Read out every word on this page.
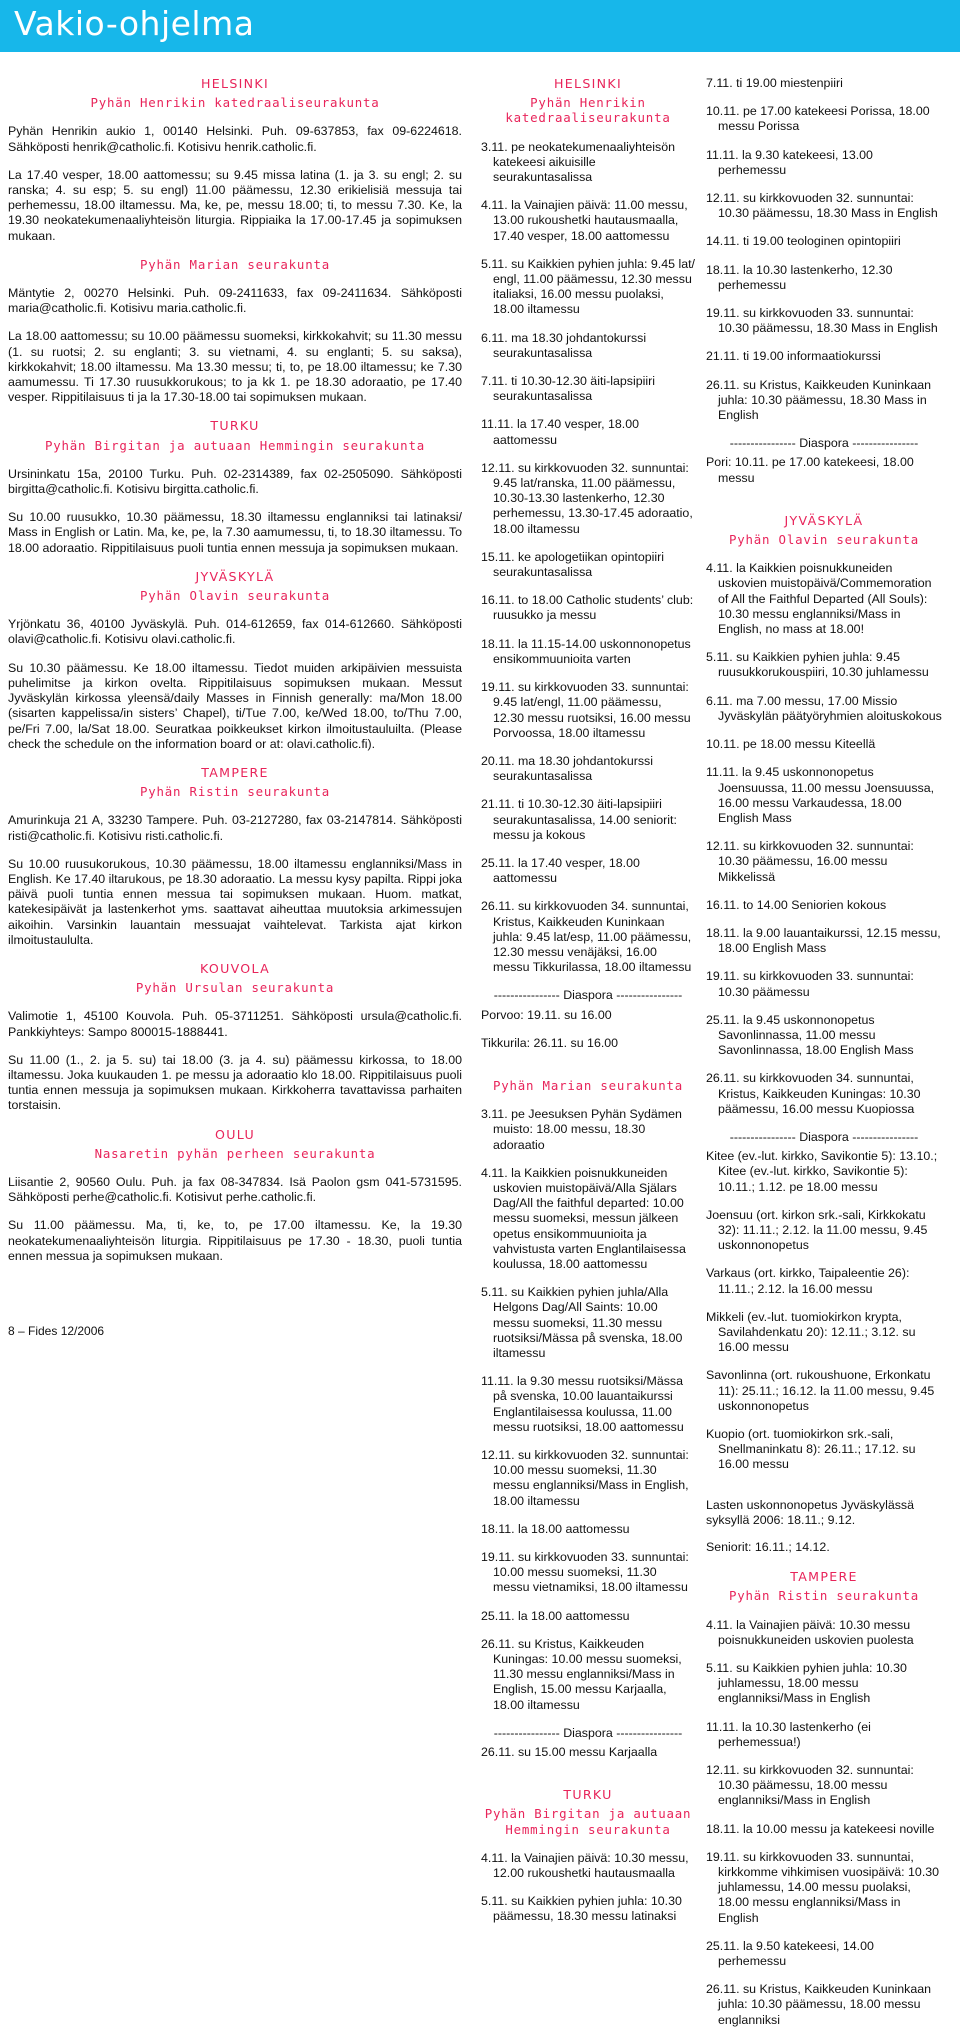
Vakio-ohjelma
HELSINKI
Pyhän Henrikin katedraaliseurakunta

Pyhän Henrikin aukio 1, 00140 Helsinki. Puh. 09-637853, fax 09-6224618. Sähköposti henrik@catholic.fi. Kotisivu henrik.catholic.fi.

La 17.40 vesper, 18.00 aattomessu; su 9.45 missa latina (1. ja 3. su engl; 2. su ranska; 4. su esp; 5. su engl) 11.00 päämessu, 12.30 erikielisiä messuja tai perhemessu, 18.00 iltamessu. Ma, ke, pe, messu 18.00; ti, to messu 7.30. Ke, la 19.30 neokatekumenaaliyhteisön liturgia. Rippiaika la 17.00-17.45 ja sopimuksen mukaan.

Pyhän Marian seurakunta

Mäntytie 2, 00270 Helsinki. Puh. 09-2411633, fax 09-2411634. Sähköposti maria@catholic.fi. Kotisivu maria.catholic.fi.

La 18.00 aattomessu; su 10.00 päämessu suomeksi, kirkkokahvit; su 11.30 messu (1. su ruotsi; 2. su englanti; 3. su vietnami, 4. su englanti; 5. su saksa), kirkkokahvit; 18.00 iltamessu. Ma 13.30 messu; ti, to, pe 18.00 iltamessu; ke 7.30 aamumessu. Ti 17.30 ruusukkorukous; to ja kk 1. pe 18.30 adoraatio, pe 17.40 vesper. Rippitilaisuus ti ja la 17.30-18.00 tai sopimuksen mukaan.

TURKU
Pyhän Birgitan ja autuaan Hemmingin seurakunta

Ursininkatu 15a, 20100 Turku. Puh. 02-2314389, fax 02-2505090. Sähköposti birgitta@catholic.fi. Kotisivu birgitta.catholic.fi.

Su 10.00 ruusukko, 10.30 päämessu, 18.30 iltamessu englanniksi tai latinaksi/ Mass in English or Latin. Ma, ke, pe, la 7.30 aamumessu, ti, to 18.30 iltamessu. To 18.00 adoraatio. Rippitilaisuus puoli tuntia ennen messuja ja sopimuksen mukaan.

JYVÄSKYLÄ
Pyhän Olavin seurakunta

Yrjönkatu 36, 40100 Jyväskylä. Puh. 014-612659, fax 014-612660. Sähköposti olavi@catholic.fi. Kotisivu olavi.catholic.fi.

Su 10.30 päämessu. Ke 18.00 iltamessu. Tiedot muiden arkipäivien messuista puhelimitse ja kirkon ovelta. Rippitilaisuus sopimuksen mukaan. Messut Jyväskylän kirkossa yleensä/daily Masses in Finnish generally: ma/Mon 18.00 (sisarten kappelissa/in sisters’ Chapel), ti/Tue 7.00, ke/Wed 18.00, to/Thu 7.00, pe/Fri 7.00, la/Sat 18.00. Seuratkaa poikkeukset kirkon ilmoitustauluilta. (Please check the schedule on the information board or at: olavi.catholic.fi).

TAMPERE
Pyhän Ristin seurakunta

Amurinkuja 21 A, 33230 Tampere. Puh. 03-2127280, fax 03-2147814. Sähköposti risti@catholic.fi. Kotisivu risti.catholic.fi.

Su 10.00 ruusukorukous, 10.30 päämessu, 18.00 iltamessu englanniksi/Mass in English. Ke 17.40 iltarukous, pe 18.30 adoraatio. La messu kysy papilta. Rippi joka päivä puoli tuntia ennen messua tai sopimuksen mukaan. Huom. matkat, katekesipäivät ja lastenkerhot yms. saattavat aiheuttaa muutoksia arkimessujen aikoihin. Varsinkin lauantain messuajat vaihtelevat. Tarkista ajat kirkon ilmoitustaululta.

KOUVOLA
Pyhän Ursulan seurakunta

Valimotie 1, 45100 Kouvola. Puh. 05-3711251. Sähköposti ursula@catholic.fi. Pankkiyhteys: Sampo 800015-1888441.

Su 11.00 (1., 2. ja 5. su) tai 18.00 (3. ja 4. su) päämessu kirkossa, to 18.00 iltamessu. Joka kuukauden 1. pe messu ja adoraatio klo 18.00. Rippitilaisuus puoli tuntia ennen messuja ja sopimuksen mukaan. Kirkkoherra tavattavissa parhaiten torstaisin.

OULU
Nasaretin pyhän perheen seurakunta

Liisantie 2, 90560 Oulu. Puh. ja fax 08-347834. Isä Paolon gsm 041-5731595. Sähköposti perhe@catholic.fi. Kotisivut perhe.catholic.fi.

Su 11.00 päämessu. Ma, ti, ke, to, pe 17.00 iltamessu. Ke, la 19.30 neokatekumenaaliyhteisön liturgia. Rippitilaisuus pe 17.30 - 18.30, puoli tuntia ennen messua ja sopimuksen mukaan.

HELSINKI
Pyhän Henrikin katedraaliseurakunta

3.11. pe neokatekumenaaliyhteisön katekeesi aikuisille seurakuntasalissa

4.11. la Vainajien päivä: 11.00 messu, 13.00 rukoushetki hautausmaalla, 17.40 vesper, 18.00 aattomessu

5.11. su Kaikkien pyhien juhla: 9.45 lat/ engl, 11.00 päämessu, 12.30 messu italiaksi, 16.00 messu puolaksi, 18.00 iltamessu

6.11. ma 18.30 johdantokurssi seurakuntasalissa

7.11. ti 10.30-12.30 äiti-lapsipiiri seurakuntasalissa

11.11. la 17.40 vesper, 18.00 aattomessu

12.11. su kirkkovuoden 32. sunnuntai: 9.45 lat/ranska, 11.00 päämessu, 10.30-13.30 lastenkerho, 12.30 perhemessu, 13.30-17.45 adoraatio, 18.00 iltamessu

15.11. ke apologetiikan opintopiiri seurakuntasalissa

16.11. to 18.00 Catholic students’ club: ruusukko ja messu

18.11. la 11.15-14.00 uskonnonopetus ensikommuunioita varten

19.11. su kirkkovuoden 33. sunnuntai: 9.45 lat/engl, 11.00 päämessu, 12.30 messu ruotsiksi, 16.00 messu Porvoossa, 18.00 iltamessu

20.11. ma 18.30 johdantokurssi seurakuntasalissa

21.11. ti 10.30-12.30 äiti-lapsipiiri seurakuntasalissa, 14.00 seniorit: messu ja kokous

25.11. la 17.40 vesper, 18.00 aattomessu

26.11. su kirkkovuoden 34. sunnuntai, Kristus, Kaikkeuden Kuninkaan juhla: 9.45 lat/esp, 11.00 päämessu, 12.30 messu venäjäksi, 16.00 messu Tikkurilassa, 18.00 iltamessu

---------------- Diaspora ----------------

Porvoo: 19.11. su 16.00

Tikkurila: 26.11. su 16.00

Pyhän Marian seurakunta

3.11. pe Jeesuksen Pyhän Sydämen muisto: 18.00 messu, 18.30 adoraatio

4.11. la Kaikkien poisnukkuneiden uskovien muistopäivä/Alla Själars Dag/All the faithful departed: 10.00 messu suomeksi, messun jälkeen opetus ensikommuunioita ja vahvistusta varten Englantilaisessa koulussa, 18.00 aattomessu

5.11. su Kaikkien pyhien juhla/Alla Helgons Dag/All Saints: 10.00 messu suomeksi, 11.30 messu ruotsiksi/Mässa på svenska, 18.00 iltamessu

11.11. la 9.30 messu ruotsiksi/Mässa på svenska, 10.00 lauantaikurssi Englantilaisessa koulussa, 11.00 messu ruotsiksi, 18.00 aattomessu

12.11. su kirkkovuoden 32. sunnuntai: 10.00 messu suomeksi, 11.30 messu englanniksi/Mass in English, 18.00 iltamessu

18.11. la 18.00 aattomessu

19.11. su kirkkovuoden 33. sunnuntai: 10.00 messu suomeksi, 11.30 messu vietnamiksi, 18.00 iltamessu

25.11. la 18.00 aattomessu

26.11. su Kristus, Kaikkeuden Kuningas: 10.00 messu suomeksi, 11.30 messu englanniksi/Mass in English, 15.00 messu Karjaalla, 18.00 iltamessu

---------------- Diaspora ----------------

26.11. su 15.00 messu Karjaalla

TURKU
Pyhän Birgitan ja autuaan Hemmingin seurakunta

4.11. la Vainajien päivä: 10.30 messu, 12.00 rukoushetki hautausmaalla

5.11. su Kaikkien pyhien juhla: 10.30 päämessu, 18.30 messu latinaksi

7.11. ti 19.00 miestenpiiri

10.11. pe 17.00 katekeesi Porissa, 18.00 messu Porissa

11.11. la 9.30 katekeesi, 13.00 perhemessu

12.11. su kirkkovuoden 32. sunnuntai: 10.30 päämessu, 18.30 Mass in English

14.11. ti 19.00 teologinen opintopiiri

18.11. la 10.30 lastenkerho, 12.30 perhemessu

19.11. su kirkkovuoden 33. sunnuntai: 10.30 päämessu, 18.30 Mass in English

21.11. ti 19.00 informaatiokurssi

26.11. su Kristus, Kaikkeuden Kuninkaan juhla: 10.30 päämessu, 18.30 Mass in English

---------------- Diaspora ----------------

Pori: 10.11. pe 17.00 katekeesi, 18.00 messu

JYVÄSKYLÄ
Pyhän Olavin seurakunta

4.11. la Kaikkien poisnukkuneiden uskovien muistopäivä/Commemoration of All the Faithful Departed (All Souls): 10.30 messu englanniksi/Mass in English, no mass at 18.00!

5.11. su Kaikkien pyhien juhla: 9.45 ruusukkorukouspiiri, 10.30 juhlamessu

6.11. ma 7.00 messu, 17.00 Missio Jyväskylän päätyöryhmien aloituskokous

10.11. pe 18.00 messu Kiteellä

11.11. la 9.45 uskonnonopetus Joensuussa, 11.00 messu Joensuussa, 16.00 messu Varkaudessa, 18.00 English Mass

12.11. su kirkkovuoden 32. sunnuntai: 10.30 päämessu, 16.00 messu Mikkelissä

16.11. to 14.00 Seniorien kokous

18.11. la 9.00 lauantaikurssi, 12.15 messu, 18.00 English Mass

19.11. su kirkkovuoden 33. sunnuntai: 10.30 päämessu

25.11. la 9.45 uskonnonopetus Savonlinnassa, 11.00 messu Savonlinnassa, 18.00 English Mass

26.11. su kirkkovuoden 34. sunnuntai, Kristus, Kaikkeuden Kuningas: 10.30 päämessu, 16.00 messu Kuopiossa

---------------- Diaspora ----------------

Kitee (ev.-lut. kirkko, Savikontie 5): 13.10.; Kitee (ev.-lut. kirkko, Savikontie 5): 10.11.; 1.12. pe 18.00 messu

Joensuu (ort. kirkon srk.-sali, Kirkkokatu 32): 11.11.; 2.12. la 11.00 messu, 9.45 uskonnonopetus

Varkaus (ort. kirkko, Taipaleentie 26): 11.11.; 2.12. la 16.00 messu

Mikkeli (ev.-lut. tuomiokirkon krypta, Savilahdenkatu 20): 12.11.; 3.12. su 16.00 messu

Savonlinna (ort. rukoushuone, Erkonkatu 11): 25.11.; 16.12. la 11.00 messu, 9.45 uskonnonopetus

Kuopio (ort. tuomiokirkon srk.-sali, Snellmaninkatu 8): 26.11.; 17.12. su 16.00 messu

Lasten uskonnonopetus Jyväskylässä syksyllä 2006: 18.11.; 9.12.

Seniorit: 16.11.; 14.12.

TAMPERE
Pyhän Ristin seurakunta

4.11. la Vainajien päivä: 10.30 messu poisnukkuneiden uskovien puolesta

5.11. su Kaikkien pyhien juhla: 10.30 juhlamessu, 18.00 messu englanniksi/Mass in English

11.11. la 10.30 lastenkerho (ei perhemessua!)

12.11. su kirkkovuoden 32. sunnuntai: 10.30 päämessu, 18.00 messu englanniksi/Mass in English

18.11. la 10.00 messu ja katekeesi noville

19.11. su kirkkovuoden 33. sunnuntai, kirkkomme vihkimisen vuosipäivä: 10.30 juhlamessu, 14.00 messu puolaksi, 18.00 messu englanniksi/Mass in English

25.11. la 9.50 katekeesi, 14.00 perhemessu

26.11. su Kristus, Kaikkeuden Kuninkaan juhla: 10.30 päämessu, 18.00 messu englanniksi

8 – Fides 12/2006
